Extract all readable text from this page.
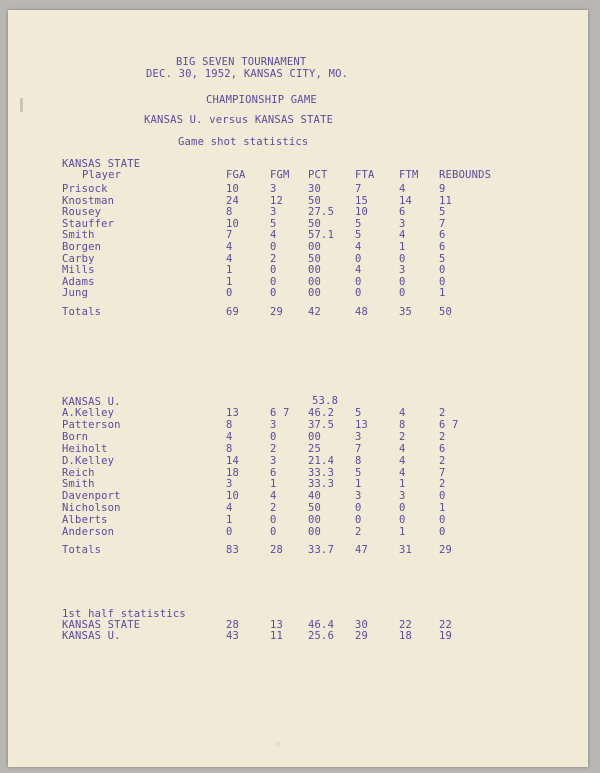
BIG SEVEN TOURNAMENT
DEC. 30, 1952, KANSAS CITY, MO.
CHAMPIONSHIP GAME
KANSAS U. versus KANSAS STATE
Game shot statistics
KANSAS STATE
Player	FGA FGM PCT	FTA FTM REBOUNDS
Prisock	10	3	30	7	4	9
Knostman	24	12 50	15	14	11
Rousey	8	3	27.5 10	6	5
Stauffer	10	5	50	5	3	7
Smith	7	4	57.1 5	4	6
Borgen	4	0	00	4	1	6
Carby	4	2	50	0	0	5
Mills	1	0	00	4	3	0
Adams	1	0	00	0	0	0
Jung	0	0	00	0	0	1
Totals	69	29 42	48	35	50
KANSAS U.	53.8
A.Kelley	13	6 7 46.2 5	4	2
Patterson	8	3	37.5 13	8	6 7
Born	4	0	00	3	2	2
Heiholt	8	2	25	7	4	6
D.Kelley	14	3	21.4 8	4	2
Reich	18	6	33.3 5	4	7
Smith	3	1	33.3 1	1	2
Davenport	10	4	40	3	3	0
Nicholson	4	2	50	0	0	1
Alberts	1	0	00	0	0	0
Anderson	0	0	00	2	1	0
Totals	83	28 33.7 47	31	29
1st half statistics
KANSAS STATE	28	13 46.4 30	22	22
KANSAS U.	43	11 25.6 29	18	19
○
